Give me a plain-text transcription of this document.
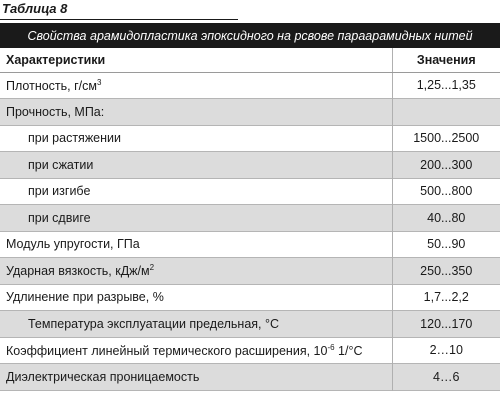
Таблица 8
Свойства арамидопластика эпоксидного на рсвове параарамидных нитей
Характеристики	Значения
Плотность, $г/см^3$	1,25...1,35
Прочность, МПа:	
при растяжении	1500...2500
при сжатии	200...300
при изгибе	500...800
при сдвиге	40...80
Модуль упругости, ГПа	50...90
Ударная вязкость, кДж/$м^2$	250...350
Удлинение при разрыве, %	1,7...2,2
Температура эксплуатации предельная, °С	120...170
Коэффициент линейный термического расширения, $10^{-6}$ 1/°С	2…10
Диэлектрическая проницаемость	4…6
